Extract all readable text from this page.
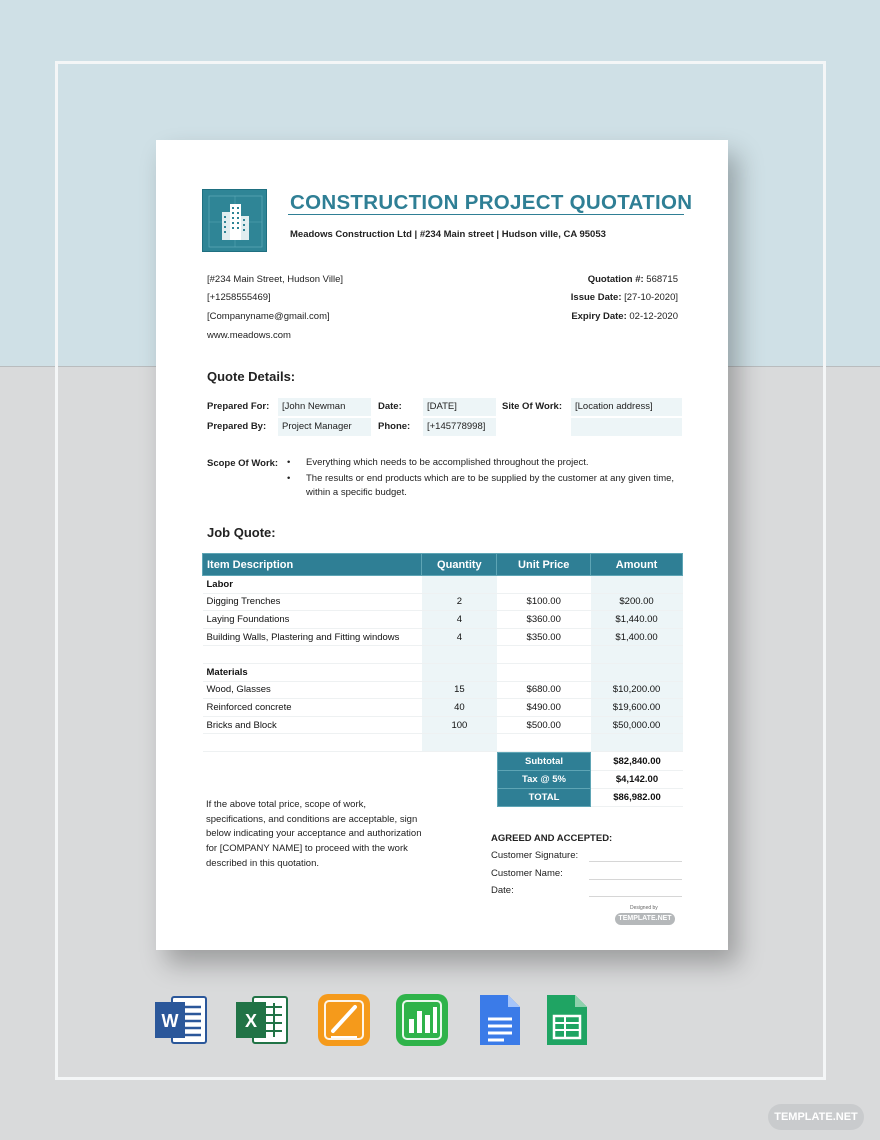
CONSTRUCTION PROJECT QUOTATION
Meadows Construction Ltd | #234 Main street | Hudson ville, CA 95053
[#234 Main Street, Hudson Ville]
[+1258555469]
[Companyname@gmail.com]
www.meadows.com
Quotation #: 568715
Issue Date: [27-10-2020]
Expiry Date: 02-12-2020
Quote Details:
Prepared For:	[John Newman	Date:	[DATE]	Site Of Work:	[Location address]
Prepared By:	Project Manager	Phone:	[+145778998]
Scope Of Work: • Everything which needs to be accomplished throughout the project.
• The results or end products which are to be supplied by the customer at any given time, within a specific budget.
Job Quote:
Item Description	Quantity	Unit Price	Amount
Labor			
Digging Trenches	2	$100.00	$200.00
Laying Foundations	4	$360.00	$1,440.00
Building Walls, Plastering and Fitting windows	4	$350.00	$1,400.00

Materials			
Wood, Glasses	15	$680.00	$10,200.00
Reinforced concrete	40	$490.00	$19,600.00
Bricks and Block	100	$500.00	$50,000.00

Subtotal	$82,840.00
Tax @ 5%	$4,142.00
TOTAL	$86,982.00
If the above total price, scope of work, specifications, and conditions are acceptable, sign below indicating your acceptance and authorization for [COMPANY NAME] to proceed with the work described in this quotation.
AGREED AND ACCEPTED:
Customer Signature:
Customer Name:
Date:
Designed by
TEMPLATE.NET
W	X
TEMPLATE.NET
